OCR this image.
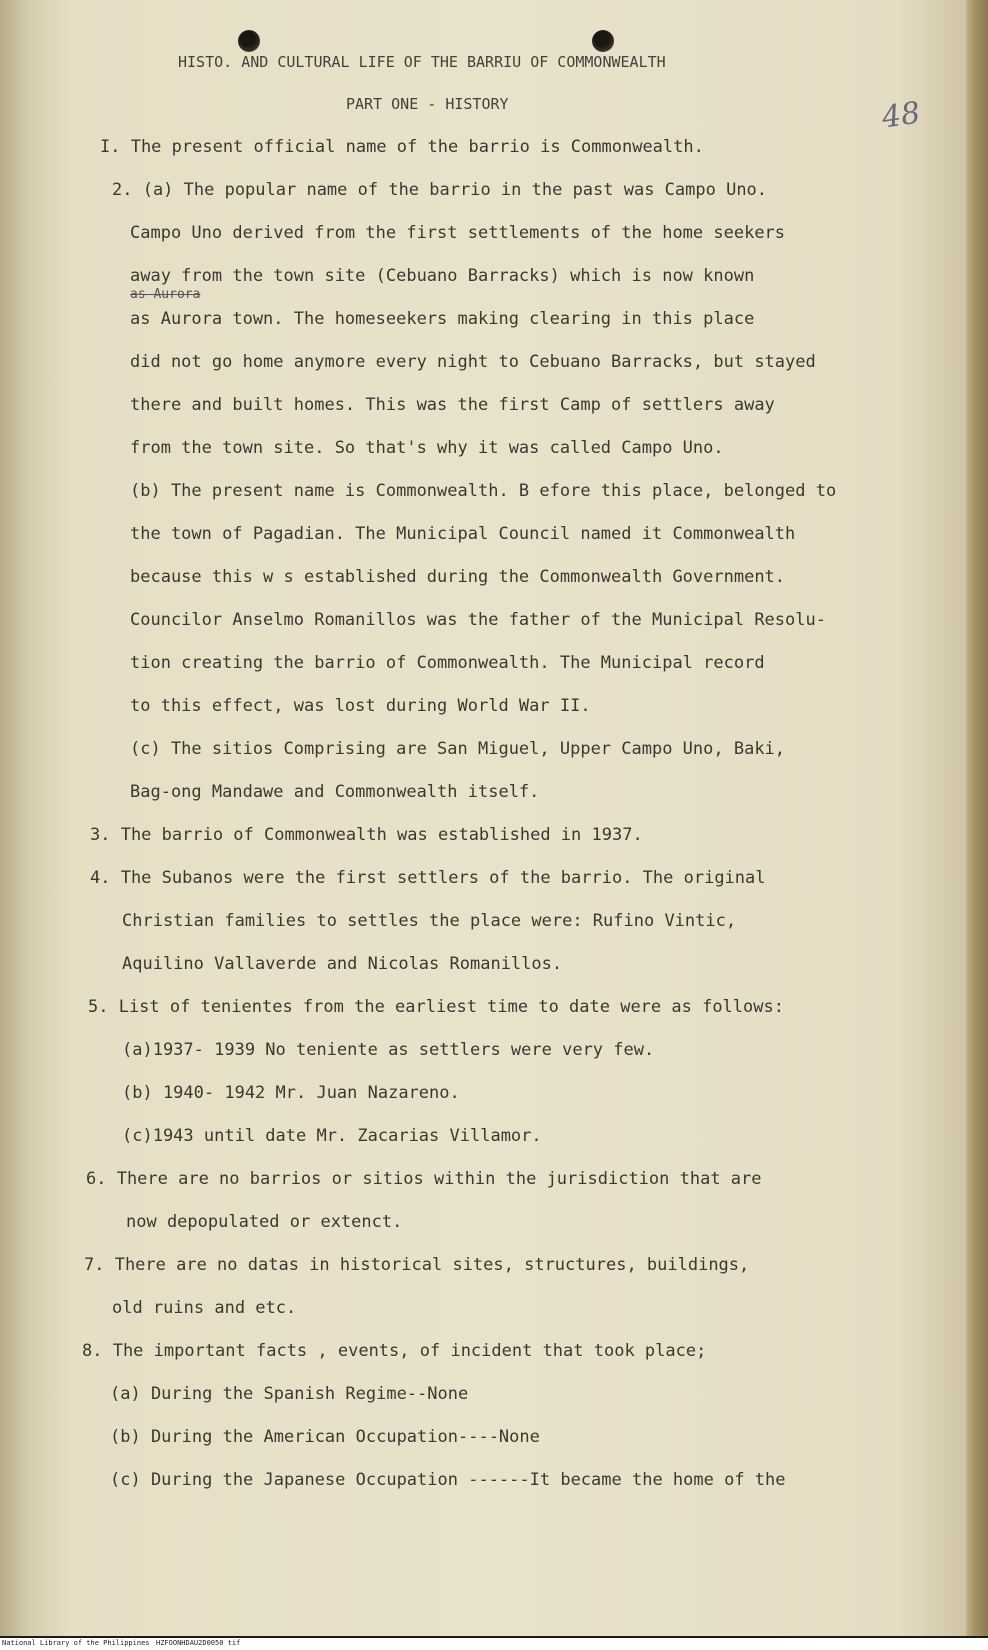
HISTO. AND CULTURAL LIFE OF THE BARRIU OF COMMONWEALTH
PART ONE - HISTORY	48
I. The present official name of the barrio is Commonwealth.
2. (a) The popular name of the barrio in the past was Campo Uno.
Campo Uno derived from the first settlements of the home seekers
away from the town site (Cebuano Barracks) which is now known
as Aurora
as Aurora town. The homeseekers making clearing in this place
did not go home anymore every night to Cebuano Barracks, but stayed
there and built homes. This was the first Camp of settlers away
from the town site. So that's why it was called Campo Uno.
(b) The present name is Commonwealth. B efore this place, belonged to
the town of Pagadian. The Municipal Council named it Commonwealth
because this w s established during the Commonwealth Government.
Councilor Anselmo Romanillos was the father of the Municipal Resolu-
tion creating the barrio of Commonwealth. The Municipal record
to this effect, was lost during World War II.
(c) The sitios Comprising are San Miguel, Upper Campo Uno, Baki,
Bag-ong Mandawe and Commonwealth itself.
3. The barrio of Commonwealth was established in 1937.
4. The Subanos were the first settlers of the barrio. The original
Christian families to settles the place were: Rufino Vintic,
Aquilino Vallaverde and Nicolas Romanillos.
5. List of tenientes from the earliest time to date were as follows:
(a)1937- 1939 No teniente as settlers were very few.
(b) 1940- 1942 Mr. Juan Nazareno.
(c)1943 until date Mr. Zacarias Villamor.
6. There are no barrios or sitios within the jurisdiction that are
now depopulated or extenct.
7. There are no datas in historical sites, structures, buildings,
old ruins and etc.
8. The important facts , events, of incident that took place;
(a) During the Spanish Regime--None
(b) During the American Occupation----None
(c) During the Japanese Occupation ------It became the home of the
National Library of the Philippines HZFOONHDAU2D0050 tif
